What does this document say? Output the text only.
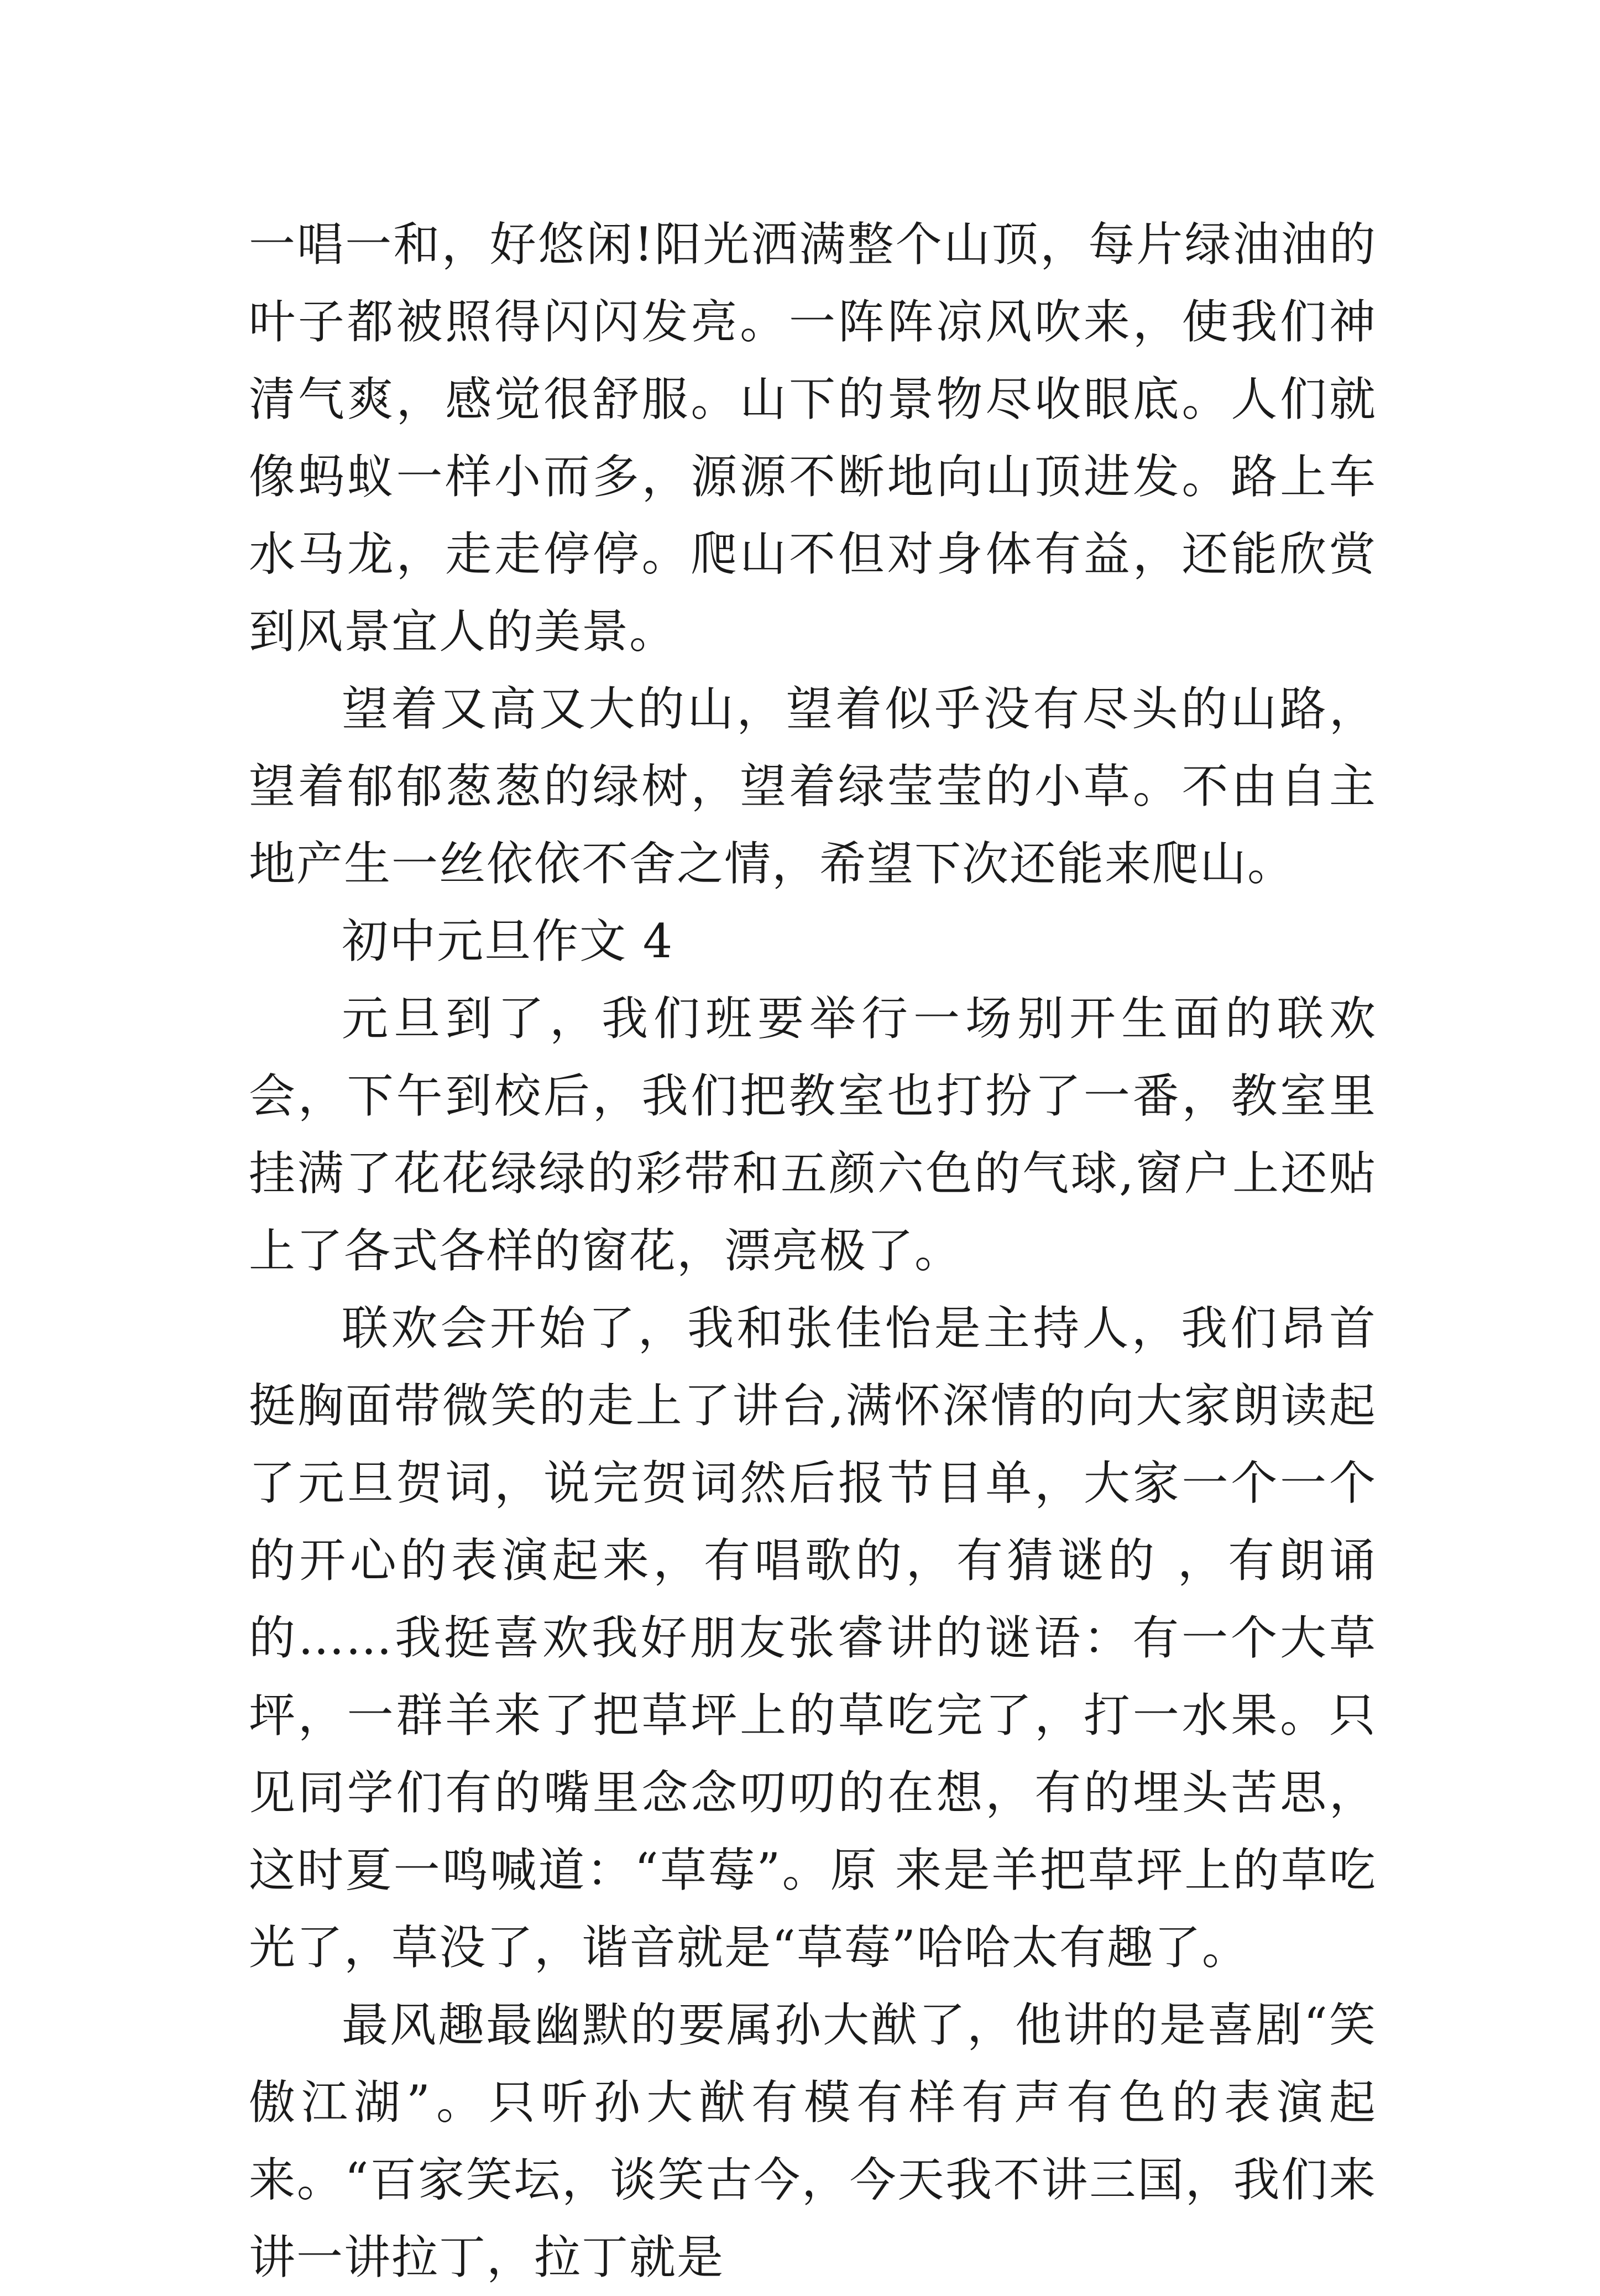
一唱一和，好悠闲!阳光洒满整个山顶，每片绿油油的叶子都被照得闪闪发亮。一阵阵凉风吹来，使我们神清气爽，感觉很舒服。山下的景物尽收眼底。人们就像蚂蚁一样小而多，源源不断地向山顶进发。路上车水马龙，走走停停。爬山不但对身体有益，还能欣赏到风景宜人的美景。

望着又高又大的山，望着似乎没有尽头的山路，望着郁郁葱葱的绿树，望着绿莹莹的小草。不由自主地产生一丝依依不舍之情，希望下次还能来爬山。

初中元旦作文 4

元旦到了，我们班要举行一场别开生面的联欢会，下午到校后，我们把教室也打扮了一番，教室里挂满了花花绿绿的彩带和五颜六色的气球,窗户上还贴上了各式各样的窗花，漂亮极了。

联欢会开始了，我和张佳怡是主持人，我们昂首挺胸面带微笑的走上了讲台,满怀深情的向大家朗读起了元旦贺词，说完贺词然后报节目单，大家一个一个的开心的表演起来，有唱歌的，有猜谜的 ，有朗诵的……我挺喜欢我好朋友张睿讲的谜语：有一个大草坪，一群羊来了把草坪上的草吃完了，打一水果。只见同学们有的嘴里念念叨叨的在想，有的埋头苦思，这时夏一鸣喊道：“草莓”。原 来是羊把草坪上的草吃光了，草没了，谐音就是“草莓”哈哈太有趣了。

最风趣最幽默的要属孙大猷了，他讲的是喜剧“笑傲江湖”。只听孙大猷有模有样有声有色的表演起来。“百家笑坛，谈笑古今，今天我不讲三国，我们来讲一讲拉丁，拉丁就是
